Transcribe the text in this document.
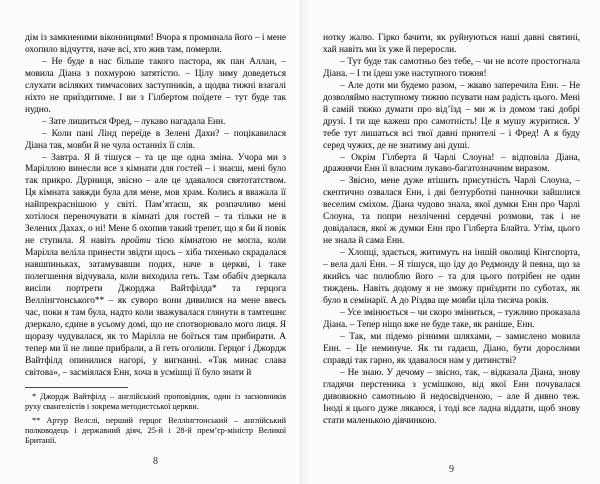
дім із замкненими віконницями! Вчора я проминала його – і мене охопило відчуття, наче всі, хто жив там, померли.

– Не буде в нас більше такого пастора, як пан Аллан, – мовила Діана з похмурою затятістю. – Цілу зиму доведеться слухати всіляких тимчасових заступників, а щодва тижні взагалі ніхто не приїздитиме. І ви з Гілбертом поїдете – тут буде так нудно.

– Зате лишиться Фред, – лукаво нагадала Енн.

– Коли пані Лінд переїде в Зелені Дахи? – поцікавилася Діана так, мовби й не чула останніх її слів.

– Завтра. Я й тішуся – та це ще одна зміна. Учора ми з Маріллою винесли все з кімнати для гостей – і знаєш, мені було так прикро. Дурниця, звісно – але це здавалося святотатством. Ця кімната завжди була для мене, мов храм. Колись я вважала її найпрекраснішою у світі. Пам’ятаєш, як розпачливо мені хотілося переночувати в кімнаті для гостей – та тільки не в Зелених Дахах, о ні! Мене б охопив такий трепет, що я би й повік не ступила. Я навіть пройти тією кімнатою не могла, коли Марілла веліла принести звідти щось – хіба тихенько скрадалася навшпиньках, затамувавши подих, наче в церкві, і таке полегшення відчувала, коли виходила геть. Там обабіч дзеркала висіли портрети Джорджа Вайтфілда* та герцога Веллінгтонського** – як суворо вони дивилися на мене ввесь час, поки я там була, надто коли зважувалася глянути в тамтешнє дзеркало, єдине в усьому домі, що не спотворювало мого лиця. Я щоразу чудувалася, як то Марілла не боїться там прибирати. А тепер ми її не лише прибрали, а й геть оголили. Герцог і Джордж Вайтфілд опинилися нагорі, у вигнанні. «Так минає слава світова», – засміялася Енн, хоча в усмішці її було знати й

* Джордж Вайтфілд – англійський проповідник, один із засновників руху євангелістів і зокрема методистської церкви.

** Артур Велслі, перший герцог Веллінгтонський – англійський полководець і державний діяч, 25-й і 28-й прем’єр-міністр Великої Британії.

8

нотку жалю. Гірко бачити, як руйнуються наші давні святині, хай навіть ми їх уже й переросли.

– Тут буде так самотньо без тебе, – чи не всоте простогнала Діана. – І ти їдеш уже наступного тижня!

– Але доти ми будемо разом, – жваво заперечила Енн. – Не дозволяймо наступному тижню псувати нам радість цього. Мені й самій тяжко думати про від’їзд – ми ж із домом такі добрі друзі. І ти ще кажеш про самотність! Це я мушу журитися. У тебе тут лишаться всі твої давні приятелі – і Фред! А я буду серед чужих, де не знатиму ані душі.

– Окрім Гілберта й Чарлі Слоуна! – відповіла Діана, дражнячи Енн її власним лукаво-багатозначним виразом.

– Звісно, мене дуже втішить присутність Чарлі Слоуна, – скептично озвалася Енн, і дві безтурботні панночки зайшлися веселим сміхом. Діана чудово знала, якої думки Енн про Чарлі Слоуна, та попри незліченні сердечні розмови, так і не довідалася, якої ж думки Енн про Гілберта Блайта. Утім, цього не знала й сама Енн.

– Хлопці, здається, житимуть на іншій околиці Кінгспорта, – вела далі Енн. – Я тішуся, що їду до Редмонду й певна, що за якийсь час полюблю його – та для цього потрібен не один тиждень. Навіть додому я не зможу приїздити по суботах, як було в семінарії. А до Різдва ще мовби ціла тисяча років.

– Усе змінюється – чи скоро зміниться, – тужливо проказала Діана. – Тепер ніщо вже не буде таке, як раніше, Енн.

– Так, ми підемо різними шляхами, – замислено мовила Енн. – Це неминуче. Як ти гадаєш, Діано, бути дорослими справді так гарно, як здавалося нам у дитинстві?

– Не знаю. У дечому – звісно, так, – відказала Діана, знову гладячи перстеника з усмішкою, від якої Енн почувалася дивовижно самотньою й недосвідченою, – але й дивно теж. Іноді я цього дуже лякаюся, і тоді все ладна віддати, щоб знову стати маленькою дівчинкою.

9
